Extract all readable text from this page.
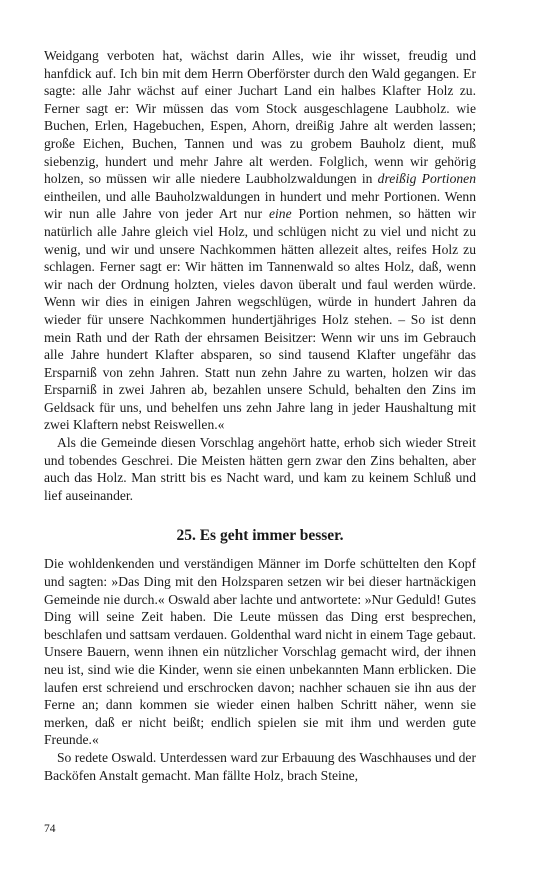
Weidgang verboten hat, wächst darin Alles, wie ihr wisset, freudig und hanfdick auf. Ich bin mit dem Herrn Oberförster durch den Wald gegangen. Er sagte: alle Jahr wächst auf einer Juchart Land ein halbes Klafter Holz zu. Ferner sagt er: Wir müssen das vom Stock ausgeschlagene Laubholz. wie Buchen, Erlen, Hagebuchen, Espen, Ahorn, dreißig Jahre alt werden lassen; große Eichen, Buchen, Tannen und was zu grobem Bauholz dient, muß siebenzig, hundert und mehr Jahre alt werden. Folglich, wenn wir gehörig holzen, so müssen wir alle niedere Laubholzwaldungen in dreißig Portionen eintheilen, und alle Bauholzwaldungen in hundert und mehr Portionen. Wenn wir nun alle Jahre von jeder Art nur eine Portion nehmen, so hätten wir natürlich alle Jahre gleich viel Holz, und schlügen nicht zu viel und nicht zu wenig, und wir und unsere Nachkommen hätten allezeit altes, reifes Holz zu schlagen. Ferner sagt er: Wir hätten im Tannenwald so altes Holz, daß, wenn wir nach der Ordnung holzten, vieles davon überalt und faul werden würde. Wenn wir dies in einigen Jahren wegschlügen, würde in hundert Jahren da wieder für unsere Nachkommen hundertjähriges Holz stehen. – So ist denn mein Rath und der Rath der ehrsamen Beisitzer: Wenn wir uns im Gebrauch alle Jahre hundert Klafter absparen, so sind tausend Klafter ungefähr das Ersparniß von zehn Jahren. Statt nun zehn Jahre zu warten, holzen wir das Ersparniß in zwei Jahren ab, bezahlen unsere Schuld, behalten den Zins im Geldsack für uns, und behelfen uns zehn Jahre lang in jeder Haushaltung mit zwei Klaftern nebst Reiswellen.«

Als die Gemeinde diesen Vorschlag angehört hatte, erhob sich wieder Streit und tobendes Geschrei. Die Meisten hätten gern zwar den Zins behalten, aber auch das Holz. Man stritt bis es Nacht ward, und kam zu keinem Schluß und lief auseinander.

25. Es geht immer besser.

Die wohldenkenden und verständigen Männer im Dorfe schüttelten den Kopf und sagten: »Das Ding mit den Holzsparen setzen wir bei dieser hartnäckigen Gemeinde nie durch.« Oswald aber lachte und antwortete: »Nur Geduld! Gutes Ding will seine Zeit haben. Die Leute müssen das Ding erst besprechen, beschlafen und sattsam verdauen. Goldenthal ward nicht in einem Tage gebaut. Unsere Bauern, wenn ihnen ein nützlicher Vorschlag gemacht wird, der ihnen neu ist, sind wie die Kinder, wenn sie einen unbekannten Mann erblicken. Die laufen erst schreiend und erschrocken davon; nachher schauen sie ihn aus der Ferne an; dann kommen sie wieder einen halben Schritt näher, wenn sie merken, daß er nicht beißt; endlich spielen sie mit ihm und werden gute Freunde.«

So redete Oswald. Unterdessen ward zur Erbauung des Waschhauses und der Backöfen Anstalt gemacht. Man fällte Holz, brach Steine,

74
